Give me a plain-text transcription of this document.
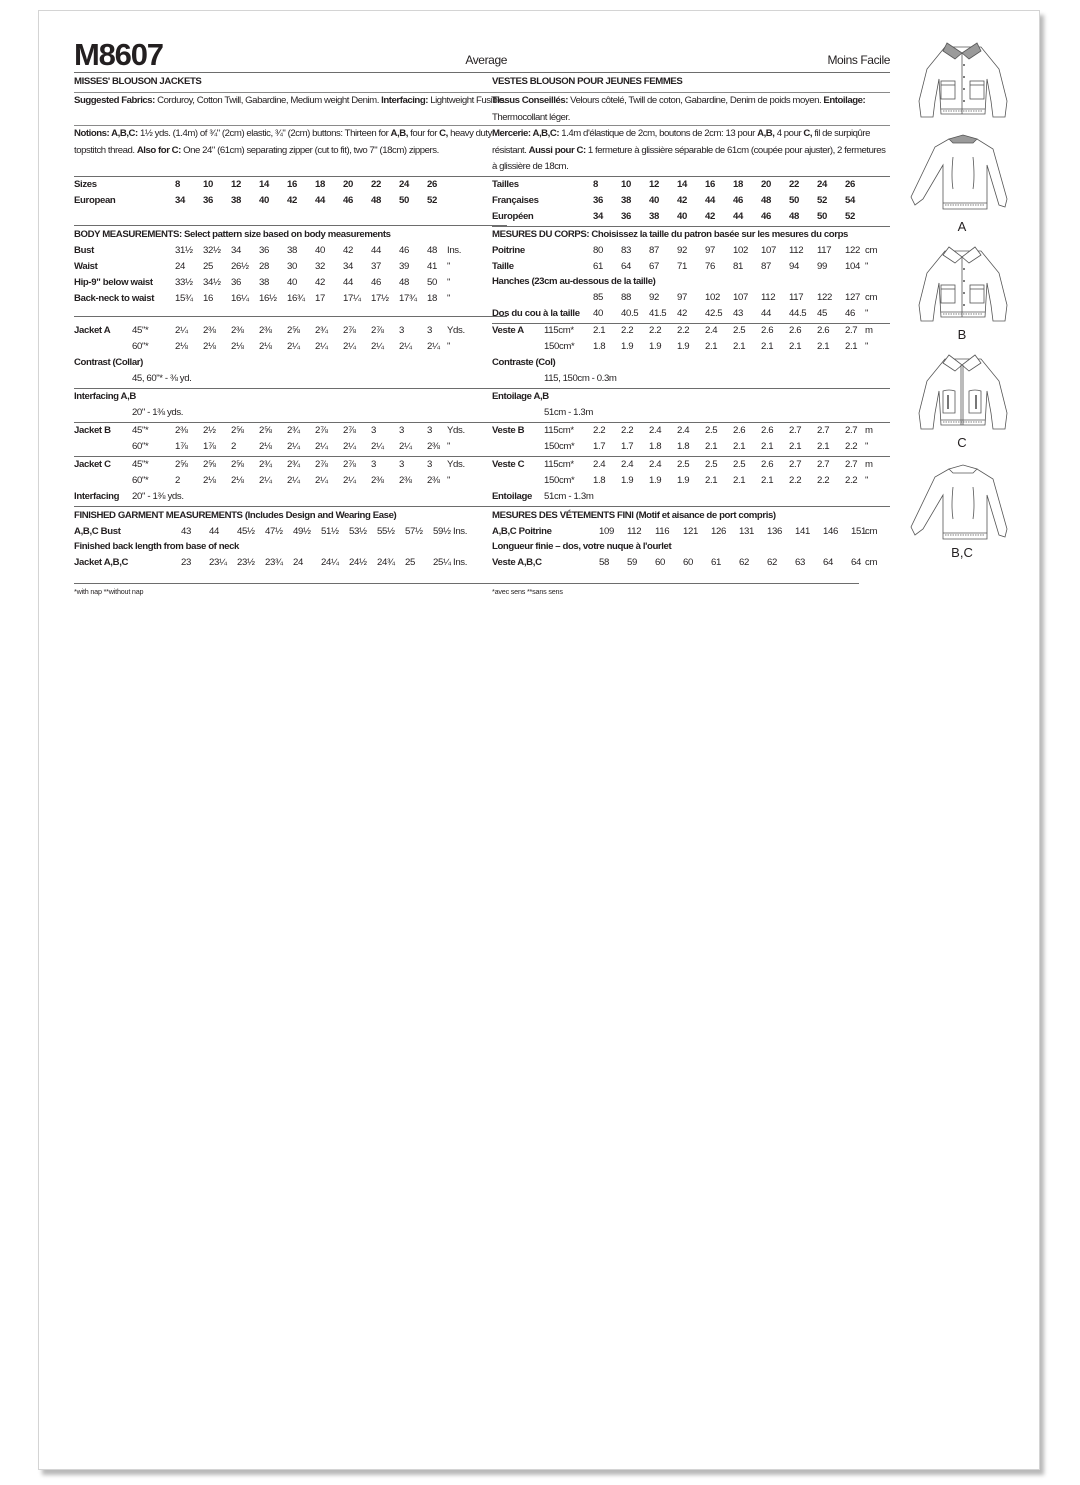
M8607	Average
MISSES' BLOUSON JACKETS
Suggested Fabrics: Corduroy, Cotton Twill, Gabardine, Medium weight Denim. Interfacing: Lightweight Fusible.
Notions: A,B,C: 1½ yds. (1.4m) of ¾" (2cm) elastic, ¾" (2cm) buttons: Thirteen for A,B, four for C, heavy duty topstitch thread. Also for C: One 24" (61cm) separating zipper (cut to fit), two 7" (18cm) zippers.
Sizes	8 10 12 14 16 18 20 22 24 26
European	34 36 38 40 42 44 46 48 50 52
BODY MEASUREMENTS: Select pattern size based on body measurements
Bust	31½ 32½ 34 36 38 40 42 44 46 48 Ins.
Waist	24 25 26½ 28 30 32 34 37 39 41 "
Hip-9" below waist 33½ 34½ 36 38 40 42 44 46 48 50 "
Back-neck to waist 15¾ 16 16¼ 16½ 16¾ 17 17¼ 17½ 17¾ 18 "
Jacket A 45"*	2¼ 2⅜ 2⅜ 2⅜ 2⅝ 2¾ 2⅞ 2⅞ 3 3 Yds.
60"*	2⅛ 2⅛ 2⅛ 2⅛ 2¼ 2¼ 2¼ 2¼ 2¼ 2¼ "
Contrast (Collar)
45, 60"* - ⅜ yd.
Interfacing A,B
20" - 1⅜ yds.
Jacket B 45"*	2⅜ 2½ 2⅝ 2⅝ 2¾ 2⅞ 2⅞ 3 3 3 Yds.
60"*	1⅞ 1⅞ 2 2⅛ 2¼ 2¼ 2¼ 2¼ 2¼ 2⅜ "
Jacket C 45"*	2⅝ 2⅝ 2⅝ 2¾ 2¾ 2⅞ 2⅞ 3 3 3 Yds.
60"*	2 2⅛ 2⅛ 2¼ 2¼ 2¼ 2¼ 2⅜ 2⅜ 2⅜ "
Interfacing 20" - 1⅜ yds.
FINISHED GARMENT MEASUREMENTS (Includes Design and Wearing Ease)
A,B,C Bust	43 44 45½ 47½ 49½ 51½ 53½ 55½ 57½ 59½ Ins.
Finished back length from base of neck
Jacket A,B,C	23 23¼ 23½ 23¾ 24 24¼ 24½ 24¾ 25 25¼ Ins.
*with nap **without nap
Moins Facile
VESTES BLOUSON POUR JEUNES FEMMES
Tissus Conseillés: Velours côtelé, Twill de coton, Gabardine, Denim de poids moyen. Entoilage: Thermocollant léger.
Mercerie: A,B,C: 1.4m d'élastique de 2cm, boutons de 2cm: 13 pour A,B, 4 pour C, fil de surpiqûre résistant. Aussi pour C: 1 fermeture à glissière séparable de 61cm (coupée pour ajuster), 2 fermetures à glissière de 18cm.
Tailles	8 10 12 14 16 18 20 22 24 26
Françaises	36 38 40 42 44 46 48 50 52 54
Européen	34 36 38 40 42 44 46 48 50 52
MESURES DU CORPS: Choisissez la taille du patron basée sur les mesures du corps
Poitrine	80 83 87 92 97 102 107 112 117 122 cm
Taille	61 64 67 71 76 81 87 94 99 104 "
Hanches (23cm au-dessous de la taille)
85 88 92 97 102 107 112 117 122 127 cm
Dos du cou à la taille 40 40.5 41.5 42 42.5 43 44 44.5 45 46 "
Veste A 115cm* 2.1 2.2 2.2 2.2 2.4 2.5 2.6 2.6 2.6 2.7 m
150cm* 1.8 1.9 1.9 1.9 2.1 2.1 2.1 2.1 2.1 2.1 "
Contraste (Col)
115, 150cm - 0.3m
Entoilage A,B
51cm - 1.3m
Veste B 115cm* 2.2 2.2 2.4 2.4 2.5 2.6 2.6 2.7 2.7 2.7 m
150cm* 1.7 1.7 1.8 1.8 2.1 2.1 2.1 2.1 2.1 2.2 "
Veste C 115cm* 2.4 2.4 2.4 2.5 2.5 2.5 2.6 2.7 2.7 2.7 m
150cm* 1.8 1.9 1.9 1.9 2.1 2.1 2.1 2.2 2.2 2.2 "
Entoilage 51cm - 1.3m
MESURES DES VÉTEMENTS FINI (Motif et aisance de port compris)
A,B,C Poitrine	109 112 116 121 126 131 136 141 146 151 cm
Longueur finie – dos, votre nuque à l'ourlet
Veste A,B,C	58 59 60 60 61 62 62 63 64 64 cm
*avec sens **sans sens
A
B
C
B,C
